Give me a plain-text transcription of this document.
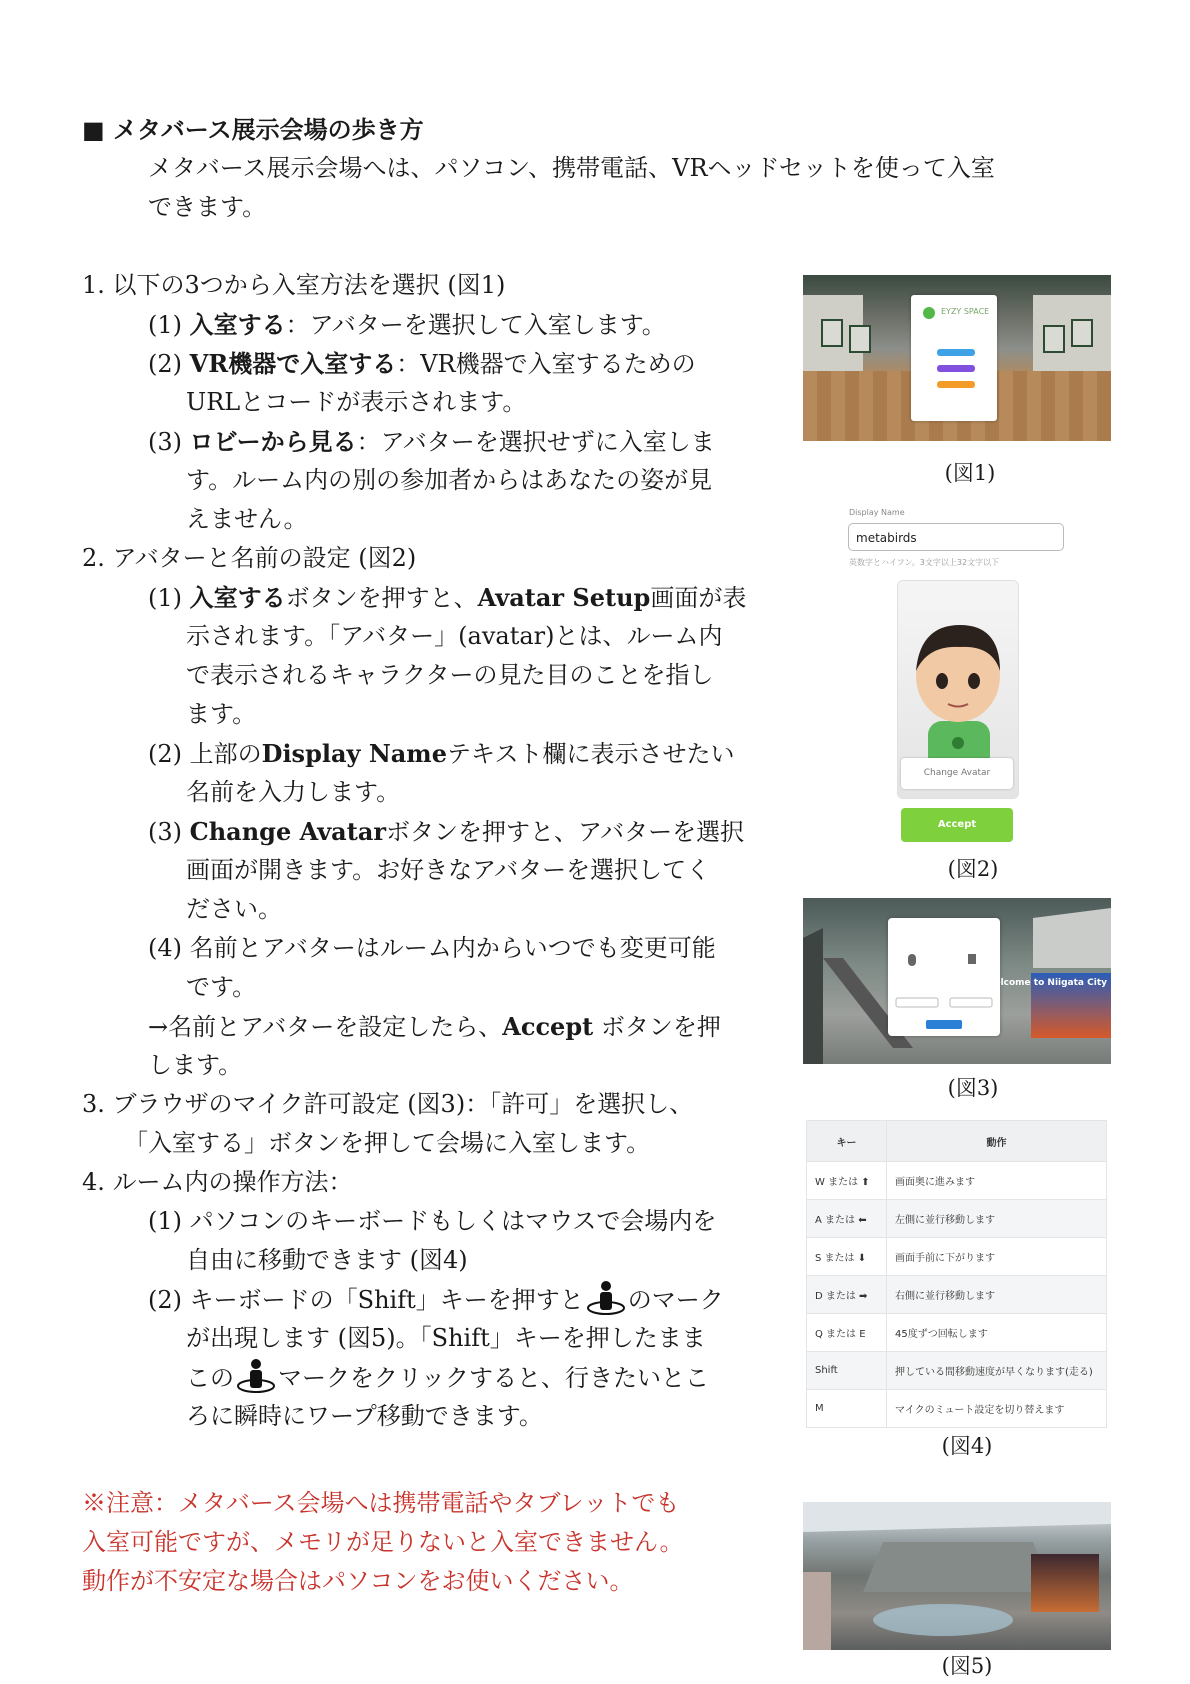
■ メタバース展示会場の歩き方
メタバース展示会場へは、パソコン、携帯電話、VRヘッドセットを使って入室
できます。
1. 以下の3つから入室方法を選択 (図1)
(1) 入室する：アバターを選択して入室します。
(2) VR機器で入室する：VR機器で入室するための
URLとコードが表示されます。
(3) ロビーから見る：アバターを選択せずに入室しま
す。ルーム内の別の参加者からはあなたの姿が見
えません。
2. アバターと名前の設定 (図2)
(1) 入室するボタンを押すと、Avatar Setup画面が表
示されます。「アバター」(avatar)とは、ルーム内
で表示されるキャラクターの見た目のことを指し
ます。
(2) 上部のDisplay Nameテキスト欄に表示させたい
名前を入力します。
(3) Change Avatarボタンを押すと、アバターを選択
画面が開きます。お好きなアバターを選択してく
ださい。
(4) 名前とアバターはルーム内からいつでも変更可能
です。
→名前とアバターを設定したら、Accept ボタンを押
します。
3. ブラウザのマイク許可設定 (図3)：「許可」を選択し、
「入室する」ボタンを押して会場に入室します。
4. ルーム内の操作方法：
(1) パソコンのキーボードもしくはマウスで会場内を
自由に移動できます (図4)
(2) キーボードの「Shift」キーを押すと のマーク
が出現します (図5)。「Shift」キーを押したまま
この マークをクリックすると、行きたいとこ
ろに瞬時にワープ移動できます。
※注意：メタバース会場へは携帯電話やタブレットでも
入室可能ですが、メモリが足りないと入室できません。
動作が不安定な場合はパソコンをお使いください。
EYZY SPACE
(図1)
Display Name
metabirds
英数字とハイフン。3文字以上32文字以下
Change Avatar
Accept
(図2)
Welcome to Niigata City
(図3)
キー	動作
W または ⬆	画面奥に進みます
A または ⬅	左側に並行移動します
S または ⬇	画面手前に下がります
D または ➡	右側に並行移動します
Q または E	45度ずつ回転します
Shift	押している間移動速度が早くなります(走る)
M	マイクのミュート設定を切り替えます
(図4)
(図5)
